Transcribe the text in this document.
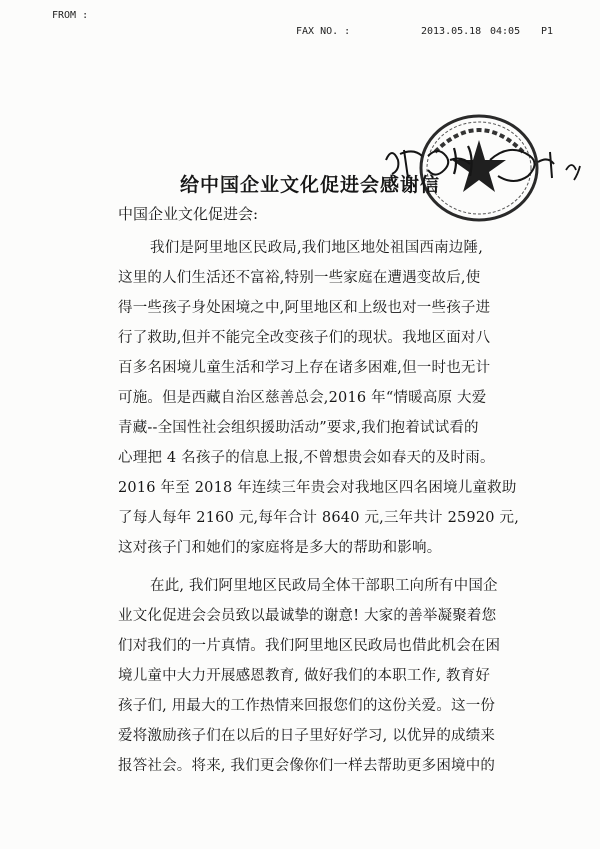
FROM :
FAX NO. :	2013.05.18 04:05 P1
给中国企业文化促进会感谢信
中国企业文化促进会:
我们是阿里地区民政局,我们地区地处祖国西南边陲,
这里的人们生活还不富裕,特别一些家庭在遭遇变故后,使
得一些孩子身处困境之中,阿里地区和上级也对一些孩子进
行了救助,但并不能完全改变孩子们的现状。我地区面对八
百多名困境儿童生活和学习上存在诸多困难,但一时也无计
可施。但是西藏自治区慈善总会,2016 年“情暖高原 大爱
青藏--全国性社会组织援助活动”要求,我们抱着试试看的
心理把 4 名孩子的信息上报,不曾想贵会如春天的及时雨。
2016 年至 2018 年连续三年贵会对我地区四名困境儿童救助
了每人每年 2160 元,每年合计 8640 元,三年共计 25920 元,
这对孩子门和她们的家庭将是多大的帮助和影响。
在此, 我们阿里地区民政局全体干部职工向所有中国企
业文化促进会会员致以最诚挚的谢意! 大家的善举凝聚着您
们对我们的一片真情。我们阿里地区民政局也借此机会在困
境儿童中大力开展感恩教育, 做好我们的本职工作, 教育好
孩子们, 用最大的工作热情来回报您们的这份关爱。这一份
爱将激励孩子们在以后的日子里好好学习, 以优异的成绩来
报答社会。将来, 我们更会像你们一样去帮助更多困境中的
